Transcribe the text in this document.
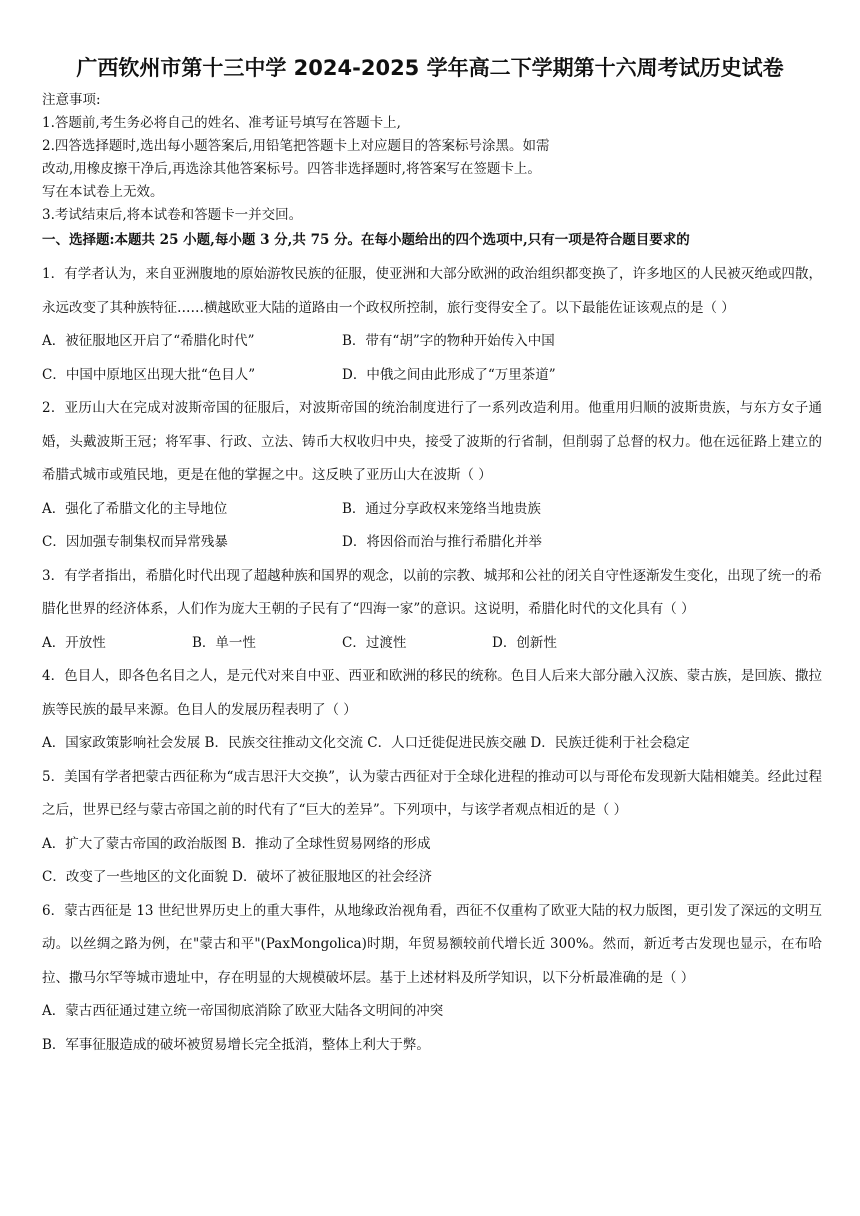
广西钦州市第十三中学 2024-2025 学年高二下学期第十六周考试历史试卷
注意事项:
1.答题前,考生务必将自己的姓名、准考证号填写在答题卡上,
2.四答选择题时,选出每小题答案后,用铅笔把答题卡上对应题目的答案标号涂黑。如需
改动,用橡皮擦干净后,再选涂其他答案标号。四答非选择题时,将答案写在签题卡上。
写在本试卷上无效。
3.考试结束后,将本试卷和答题卡一并交回。
一、选择题:本题共 25 小题,每小题 3 分,共 75 分。在每小题给出的四个选项中,只有一项是符合题目要求的
1．有学者认为，来自亚洲腹地的原始游牧民族的征服，使亚洲和大部分欧洲的政治组织都变换了，许多地区的人民被灭绝或四散，永远改变了其种族特征……横越欧亚大陆的道路由一个政权所控制，旅行变得安全了。以下最能佐证该观点的是（ ）
A．被征服地区开启了“希腊化时代”	B．带有“胡”字的物种开始传入中国
C．中国中原地区出现大批“色目人”	D．中俄之间由此形成了“万里茶道”
2．亚历山大在完成对波斯帝国的征服后，对波斯帝国的统治制度进行了一系列改造利用。他重用归顺的波斯贵族，与东方女子通婚，头戴波斯王冠；将军事、行政、立法、铸币大权收归中央，接受了波斯的行省制，但削弱了总督的权力。他在远征路上建立的希腊式城市或殖民地，更是在他的掌握之中。这反映了亚历山大在波斯（ ）
A．强化了希腊文化的主导地位	B．通过分享政权来笼络当地贵族
C．因加强专制集权而异常残暴	D．将因俗而治与推行希腊化并举
3．有学者指出，希腊化时代出现了超越种族和国界的观念，以前的宗教、城邦和公社的闭关自守性逐渐发生变化，出现了统一的希腊化世界的经济体系，人们作为庞大王朝的子民有了“四海一家”的意识。这说明，希腊化时代的文化具有（ ）
A．开放性	B．单一性	C．过渡性	D．创新性
4．色目人，即各色名目之人，是元代对来自中亚、西亚和欧洲的移民的统称。色目人后来大部分融入汉族、蒙古族，是回族、撒拉族等民族的最早来源。色目人的发展历程表明了（ ）
A．国家政策影响社会发展 B．民族交往推动文化交流 C．人口迁徙促进民族交融 D．民族迁徙利于社会稳定
5．美国有学者把蒙古西征称为“成吉思汗大交换”，认为蒙古西征对于全球化进程的推动可以与哥伦布发现新大陆相媲美。经此过程之后，世界已经与蒙古帝国之前的时代有了“巨大的差异”。下列项中，与该学者观点相近的是（ ）
A．扩大了蒙古帝国的政治版图 B．推动了全球性贸易网络的形成
C．改变了一些地区的文化面貌 D．破坏了被征服地区的社会经济
6．蒙古西征是 13 世纪世界历史上的重大事件，从地缘政治视角看，西征不仅重构了欧亚大陆的权力版图，更引发了深远的文明互动。以丝绸之路为例，在"蒙古和平"(PaxMongolica)时期，年贸易额较前代增长近 300%。然而，新近考古发现也显示，在布哈拉、撒马尔罕等城市遗址中，存在明显的大规模破坏层。基于上述材料及所学知识，以下分析最准确的是（ ）
A．蒙古西征通过建立统一帝国彻底消除了欧亚大陆各文明间的冲突
B．军事征服造成的破坏被贸易增长完全抵消，整体上利大于弊。
